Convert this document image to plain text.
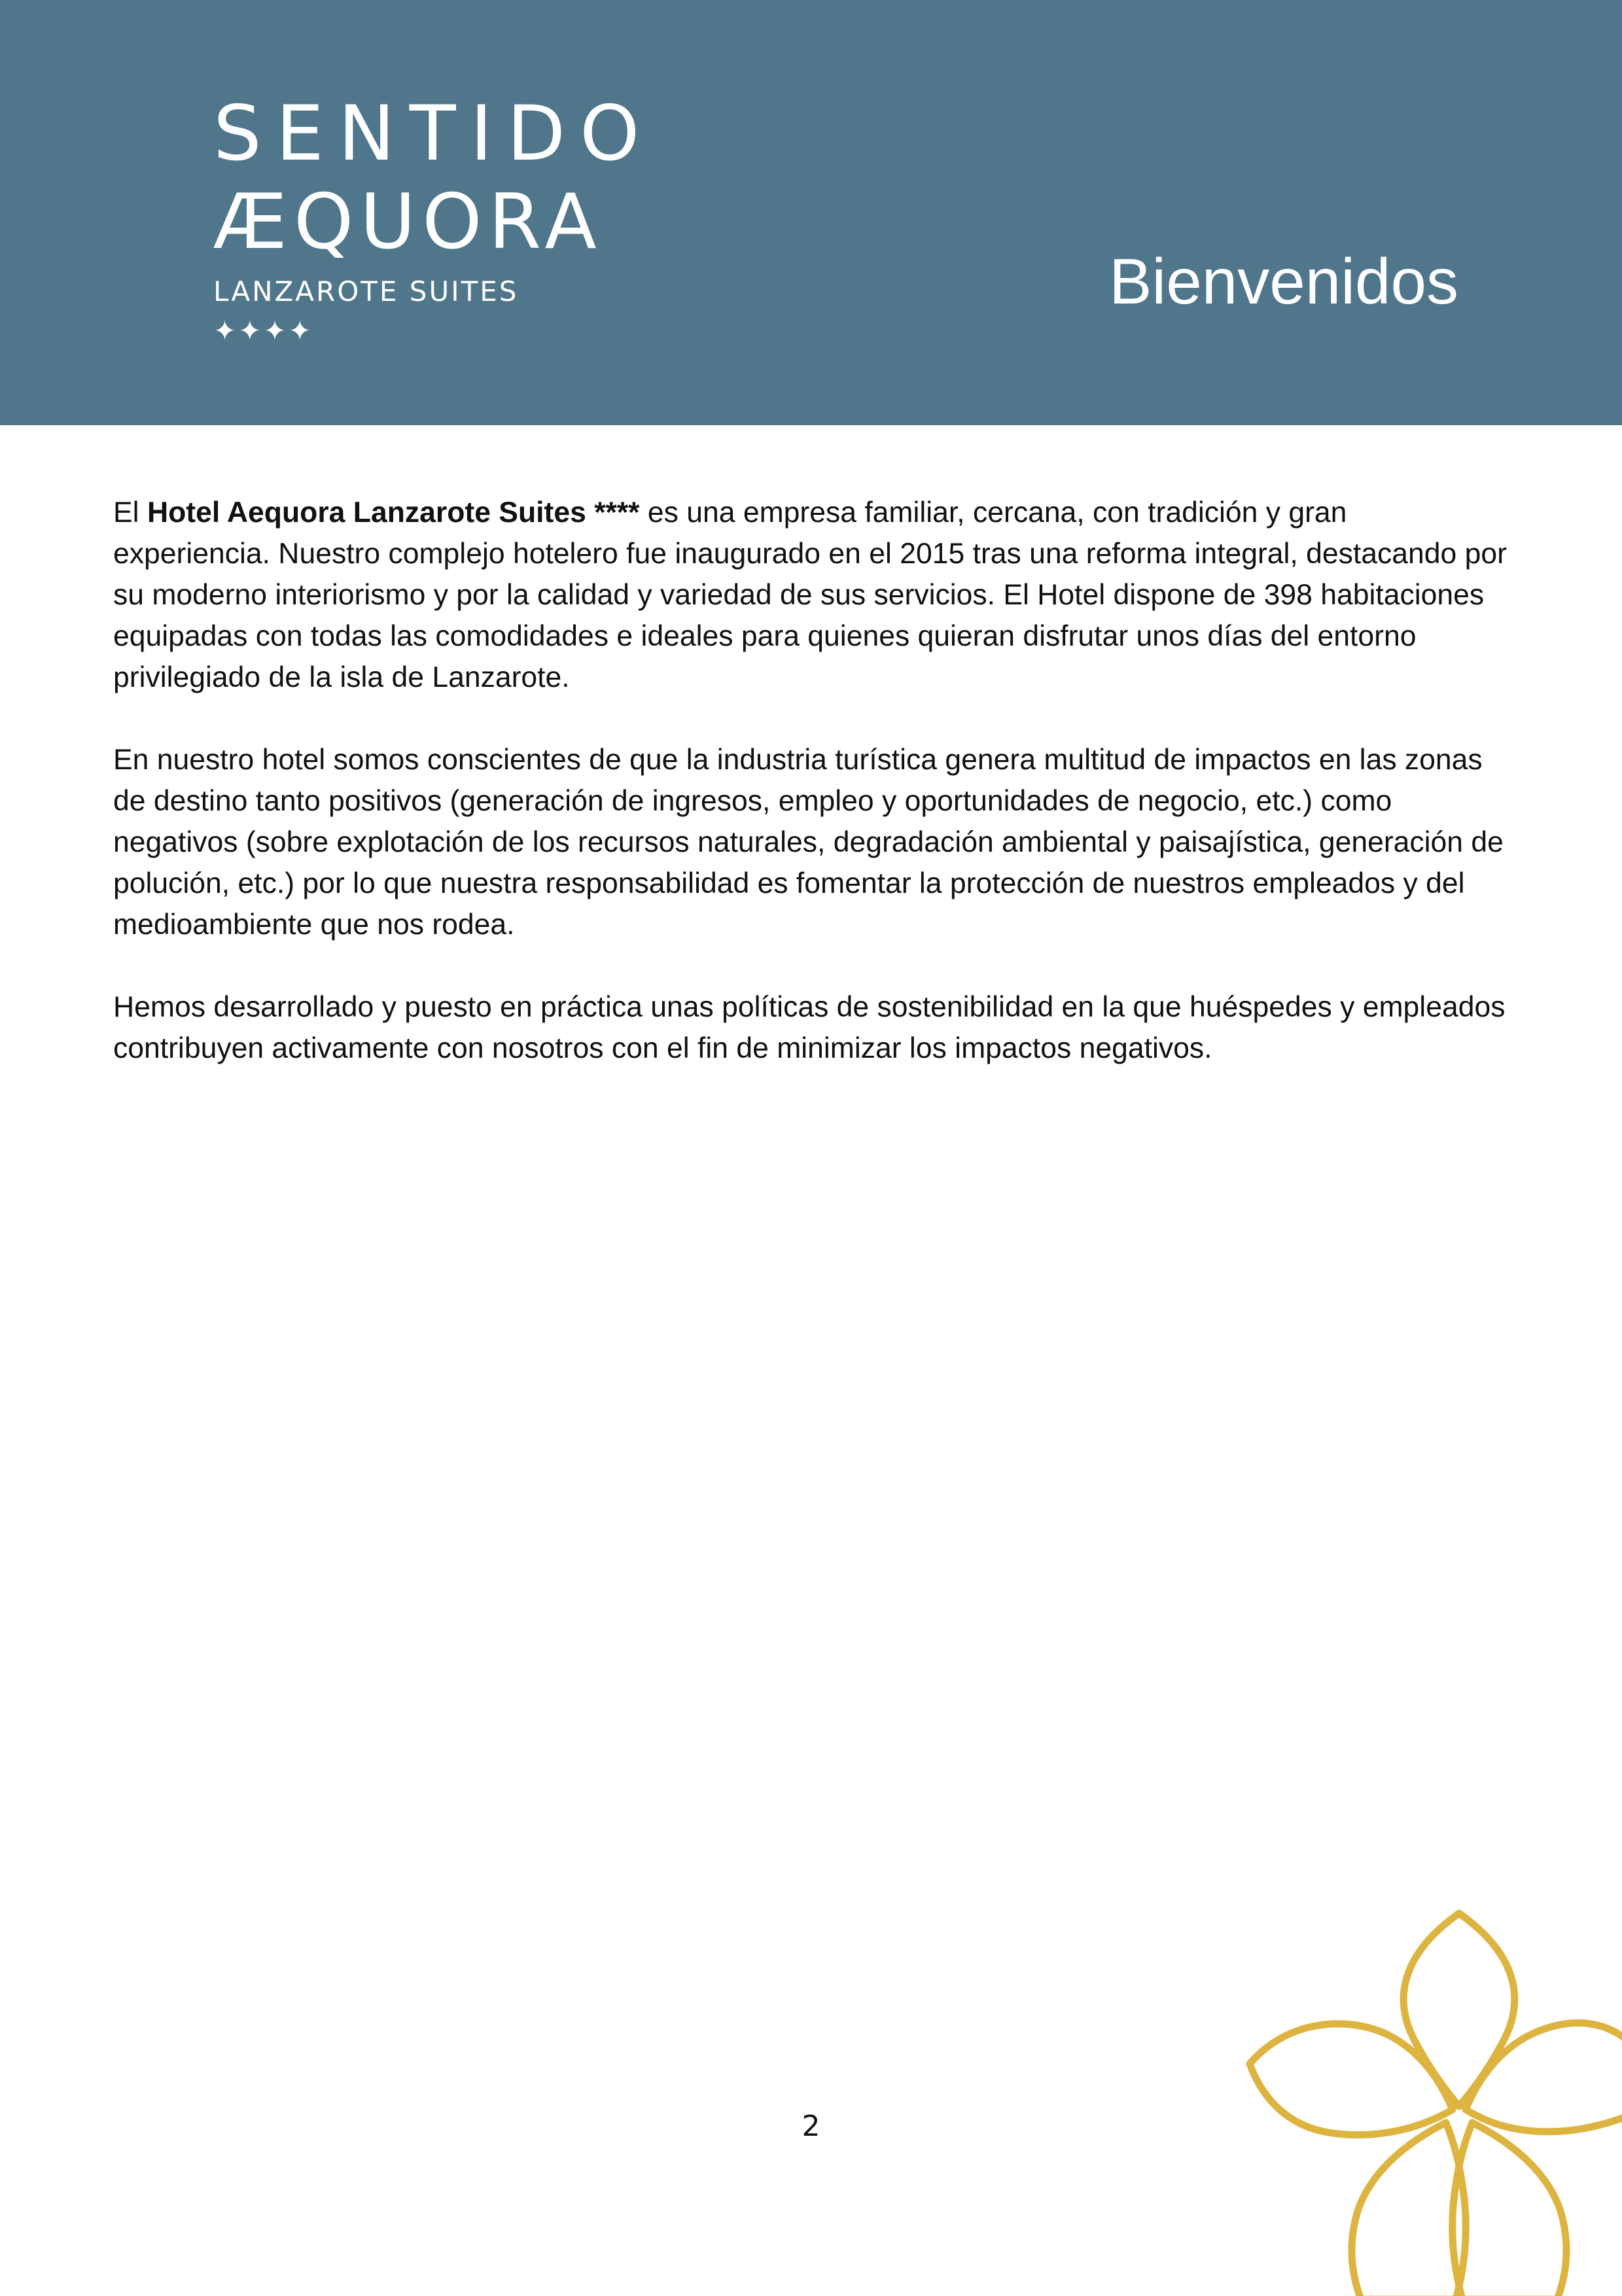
SENTIDO
ÆQUORA
LANZAROTE SUITES ✦✦✦✦
Bienvenidos

El Hotel Aequora Lanzarote Suites **** es una empresa familiar, cercana, con tradición y gran experiencia. Nuestro complejo hotelero fue inaugurado en el 2015 tras una reforma integral, destacando por su moderno interiorismo y por la calidad y variedad de sus servicios. El Hotel dispone de 398 habitaciones equipadas con todas las comodidades e ideales para quienes quieran disfrutar unos días del entorno privilegiado de la isla de Lanzarote.

En nuestro hotel somos conscientes de que la industria turística genera multitud de impactos en las zonas de destino tanto positivos (generación de ingresos, empleo y oportunidades de negocio, etc.) como negativos (sobre explotación de los recursos naturales, degradación ambiental y paisajística, generación de polución, etc.) por lo que nuestra responsabilidad es fomentar la protección de nuestros empleados y del medioambiente que nos rodea.

Hemos desarrollado y puesto en práctica unas políticas de sostenibilidad en la que huéspedes y empleados contribuyen activamente con nosotros con el fin de minimizar los impactos negativos.

2
